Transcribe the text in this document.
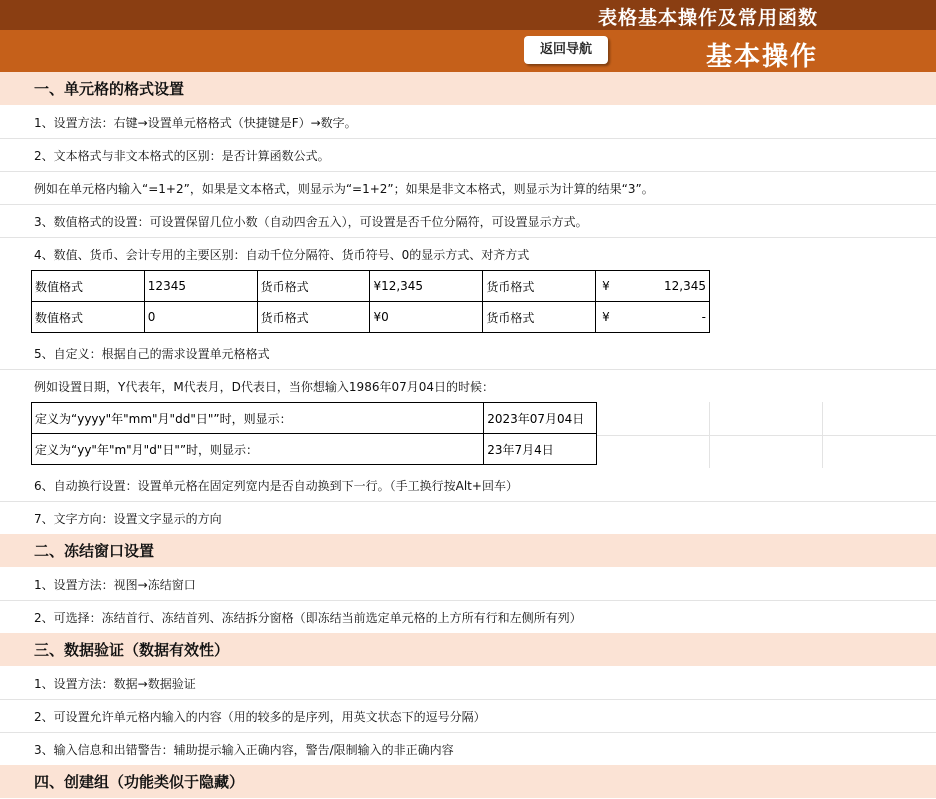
表格基本操作及常用函数
返回导航	基本操作
一、单元格的格式设置
1、设置方法：右键→设置单元格格式（快捷键是F）→数字。
2、文本格式与非文本格式的区别：是否计算函数公式。
例如在单元格内输入“=1+2”，如果是文本格式，则显示为“=1+2”；如果是非文本格式，则显示为计算的结果“3”。
3、数值格式的设置：可设置保留几位小数（自动四舍五入），可设置是否千位分隔符，可设置显示方式。
4、数值、货币、会计专用的主要区别：自动千位分隔符、货币符号、0的显示方式、对齐方式
数值格式	12345	货币格式	¥12,345	货币格式	¥ 12,345

数值格式	0	货币格式	¥0	货币格式	¥ -
5、自定义：根据自己的需求设置单元格格式
例如设置日期，Y代表年，M代表月，D代表日，当你想输入1986年07月04日的时候：
定义为“yyyy"年"mm"月"dd"日"”时，则显示：	2023年07月04日
定义为“yy"年"m"月"d"日"”时，则显示：	23年7月4日
6、自动换行设置：设置单元格在固定列宽内是否自动换到下一行。（手工换行按Alt+回车）
7、文字方向：设置文字显示的方向
二、冻结窗口设置
1、设置方法：视图→冻结窗口
2、可选择：冻结首行、冻结首列、冻结拆分窗格（即冻结当前选定单元格的上方所有行和左侧所有列）
三、数据验证（数据有效性）
1、设置方法：数据→数据验证
2、可设置允许单元格内输入的内容（用的较多的是序列，用英文状态下的逗号分隔）
3、输入信息和出错警告：辅助提示输入正确内容，警告/限制输入的非正确内容
四、创建组（功能类似于隐藏）
